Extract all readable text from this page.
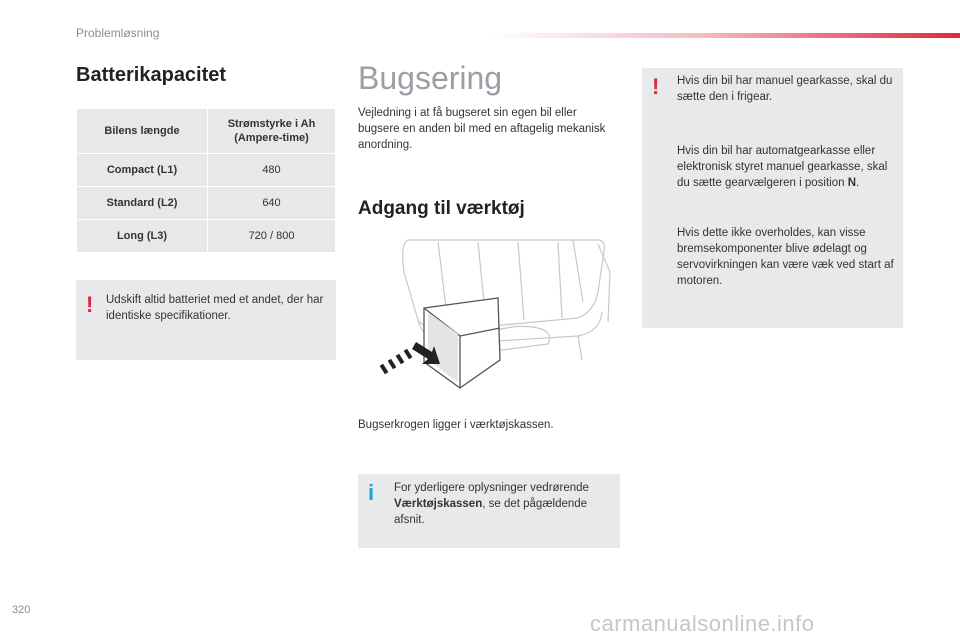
Problemløsning
Batterikapacitet
Bilens længde	Strømstyrke i Ah (Ampere-time)
Compact (L1)	480
Standard (L2)	640
Long (L3)	720 / 800
! Udskift altid batteriet med et andet, der har identiske specifikationer.
Bugsering
Vejledning i at få bugseret sin egen bil eller bugsere en anden bil med en aftagelig mekanisk anordning.
Adgang til værktøj
Bugserkrogen ligger i værktøjskassen.
i For yderligere oplysninger vedrørende Værktøjskassen, se det pågældende afsnit.
! Hvis din bil har manuel gearkasse, skal du sætte den i frigear.
Hvis din bil har automatgearkasse eller elektronisk styret manuel gearkasse, skal du sætte gearvælgeren i position N.
Hvis dette ikke overholdes, kan visse bremsekomponenter blive ødelagt og servovirkningen kan være væk ved start af motoren.
320
carmanualsonline.info
